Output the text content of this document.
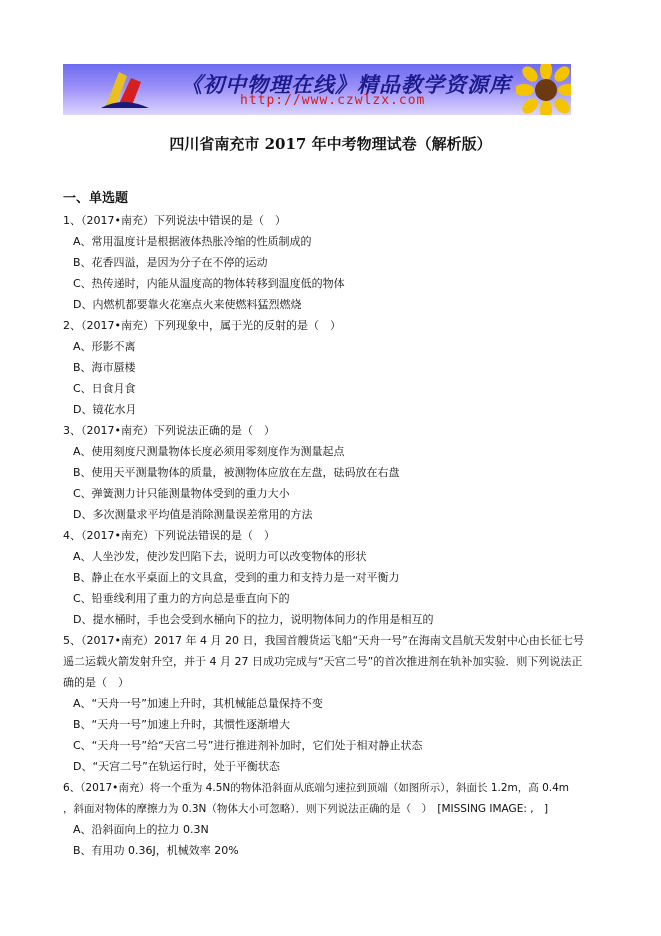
《初中物理在线》精品教学资源库
http://www.czwlzx.com
四川省南充市 2017 年中考物理试卷（解析版）
一、单选题
1、（2017•南充）下列说法中错误的是（　）
A、常用温度计是根据液体热胀冷缩的性质制成的
B、花香四溢，是因为分子在不停的运动
C、热传递时，内能从温度高的物体转移到温度低的物体
D、内燃机都要靠火花塞点火来使燃料猛烈燃烧
2、（2017•南充）下列现象中，属于光的反射的是（　）
A、形影不离
B、海市蜃楼
C、日食月食
D、镜花水月
3、（2017•南充）下列说法正确的是（　）
A、使用刻度尺测量物体长度必须用零刻度作为测量起点
B、使用天平测量物体的质量，被测物体应放在左盘，砝码放在右盘
C、弹簧测力计只能测量物体受到的重力大小
D、多次测量求平均值是消除测量误差常用的方法
4、（2017•南充）下列说法错误的是（　）
A、人坐沙发，使沙发凹陷下去，说明力可以改变物体的形状
B、静止在水平桌面上的文具盒，受到的重力和支持力是一对平衡力
C、铅垂线利用了重力的方向总是垂直向下的
D、提水桶时，手也会受到水桶向下的拉力，说明物体间力的作用是相互的
5、（2017•南充）2017 年 4 月 20 日，我国首艘货运飞船“天舟一号”在海南文昌航天发射中心由长征七号
遥二运载火箭发射升空，并于 4 月 27 日成功完成与“天宫二号”的首次推进剂在轨补加实验．则下列说法正
确的是（　）
A、“天舟一号”加速上升时，其机械能总量保持不变
B、“天舟一号”加速上升时，其惯性逐渐增大
C、“天舟一号”给“天宫二号”进行推进剂补加时，它们处于相对静止状态
D、“天宫二号”在轨运行时，处于平衡状态
6、（2017•南充）将一个重为 4.5N的物体沿斜面从底端匀速拉到顶端（如图所示），斜面长 1.2m，高 0.4m
，斜面对物体的摩擦力为 0.3N（物体大小可忽略）．则下列说法正确的是（　）　[MISSING IMAGE: ,　]
A、沿斜面向上的拉力 0.3N
B、有用功 0.36J，机械效率 20%
